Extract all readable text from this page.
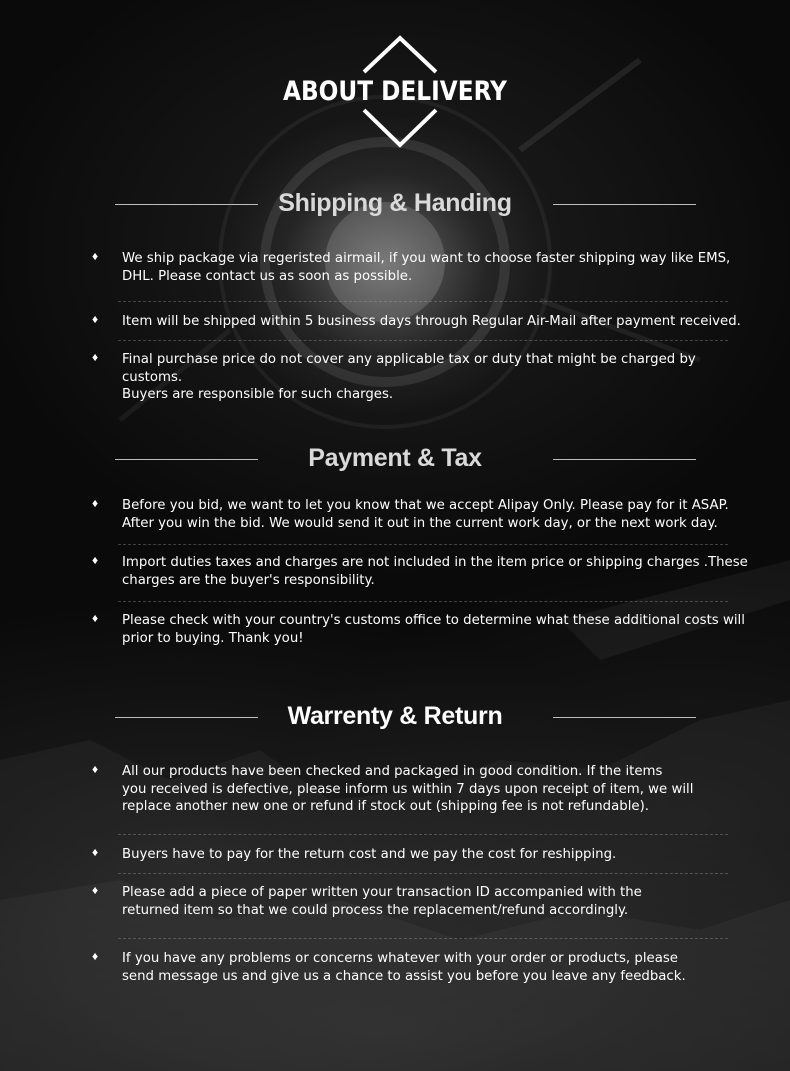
ABOUT DELIVERY
Shipping & Handing
♦ We ship package via regeristed airmail, if you want to choose faster shipping way like EMS,
DHL. Please contact us as soon as possible.
♦ Item will be shipped within 5 business days through Regular Air-Mail after payment received.
♦ Final purchase price do not cover any applicable tax or duty that might be charged by customs.
Buyers are responsible for such charges.
Payment & Tax
♦ Before you bid, we want to let you know that we accept Alipay Only. Please pay for it ASAP.
After you win the bid. We would send it out in the current work day, or the next work day.
♦ Import duties taxes and charges are not included in the item price or shipping charges .These
charges are the buyer's responsibility.
♦ Please check with your country's customs office to determine what these additional costs will
prior to buying. Thank you!
Warrenty & Return
♦ All our products have been checked and packaged in good condition. If the items
you received is defective, please inform us within 7 days upon receipt of item, we will
replace another new one or refund if stock out (shipping fee is not refundable).
♦ Buyers have to pay for the return cost and we pay the cost for reshipping.
♦ Please add a piece of paper written your transaction ID accompanied with the
returned item so that we could process the replacement/refund accordingly.
♦ If you have any problems or concerns whatever with your order or products, please
send message us and give us a chance to assist you before you leave any feedback.
